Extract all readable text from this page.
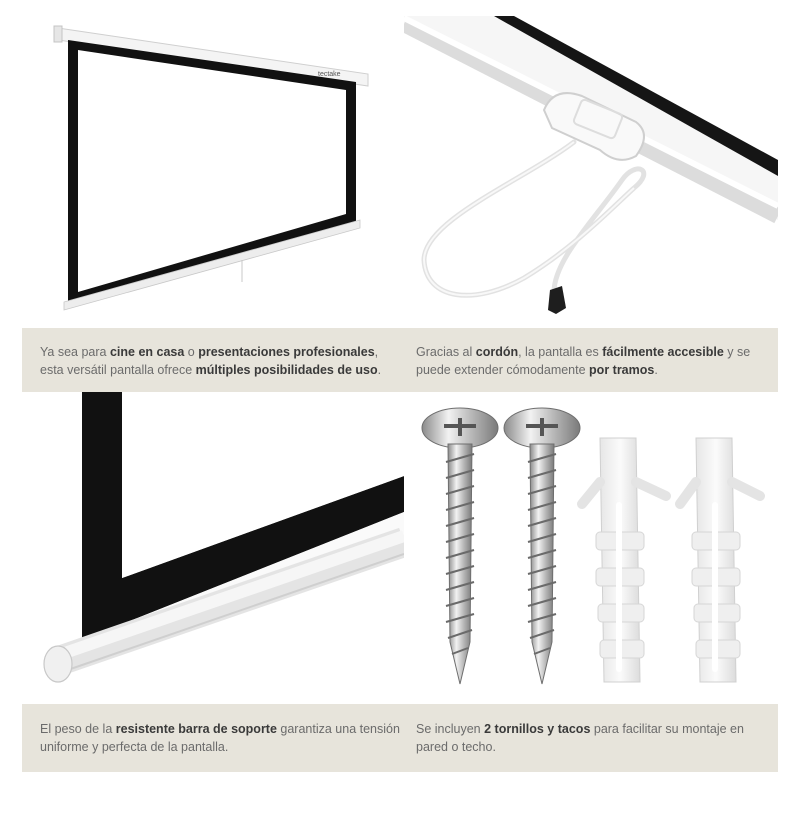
tectake

Ya sea para cine en casa o presentaciones profesionales, esta versátil pantalla ofrece múltiples posibilidades de uso.

Gracias al cordón, la pantalla es fácilmente accesible y se puede extender cómodamente por tramos.

El peso de la resistente barra de soporte garantiza una tensión uniforme y perfecta de la pantalla.

Se incluyen 2 tornillos y tacos para facilitar su montaje en pared o techo.
